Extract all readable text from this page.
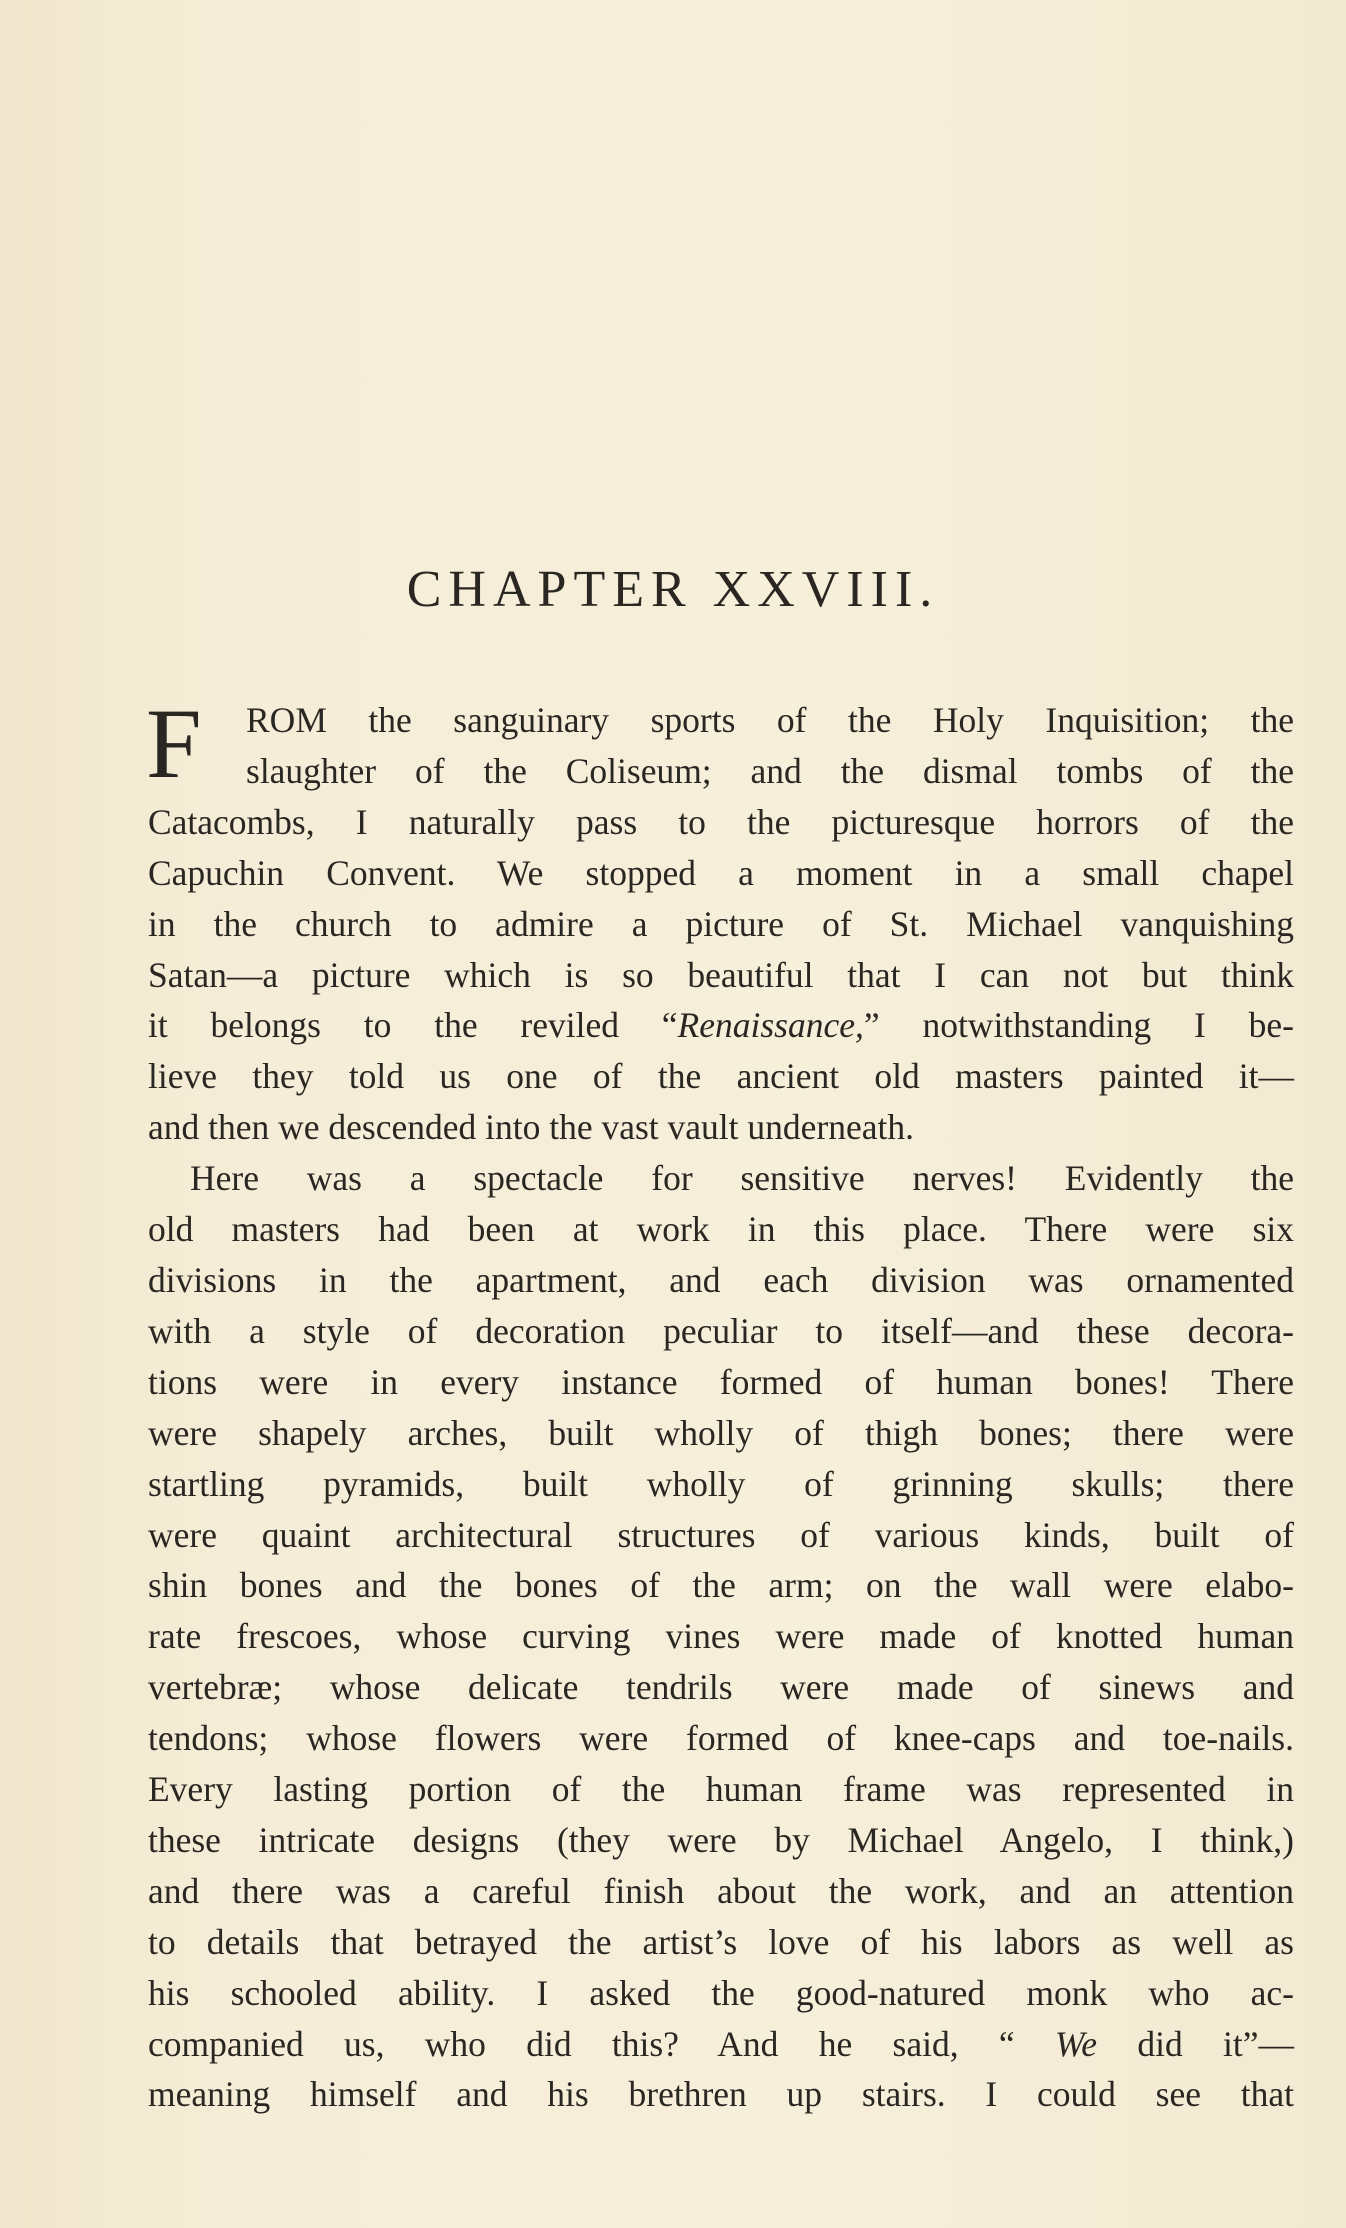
CHAPTER XXVIII.
F	ROM the sanguinary sports of the Holy Inquisition; the
slaughter of the Coliseum; and the dismal tombs of the
Catacombs, I naturally pass to the picturesque horrors of the
Capuchin Convent. We stopped a moment in a small chapel
in the church to admire a picture of St. Michael vanquishing
Satan—a picture which is so beautiful that I can not but think
it belongs to the reviled “Renaissance,” notwithstanding I be-
lieve they told us one of the ancient old masters painted it—
and then we descended into the vast vault underneath.
Here was a spectacle for sensitive nerves! Evidently the
old masters had been at work in this place. There were six
divisions in the apartment, and each division was ornamented
with a style of decoration peculiar to itself—and these decora-
tions were in every instance formed of human bones! There
were shapely arches, built wholly of thigh bones; there were
startling pyramids, built wholly of grinning skulls; there
were quaint architectural structures of various kinds, built of
shin bones and the bones of the arm; on the wall were elabo-
rate frescoes, whose curving vines were made of knotted human
vertebræ; whose delicate tendrils were made of sinews and
tendons; whose flowers were formed of knee-caps and toe-nails.
Every lasting portion of the human frame was represented in
these intricate designs (they were by Michael Angelo, I think,)
and there was a careful finish about the work, and an attention
to details that betrayed the artist’s love of his labors as well as
his schooled ability. I asked the good-natured monk who ac-
companied us, who did this? And he said, “ We did it”—
meaning himself and his brethren up stairs. I could see that
